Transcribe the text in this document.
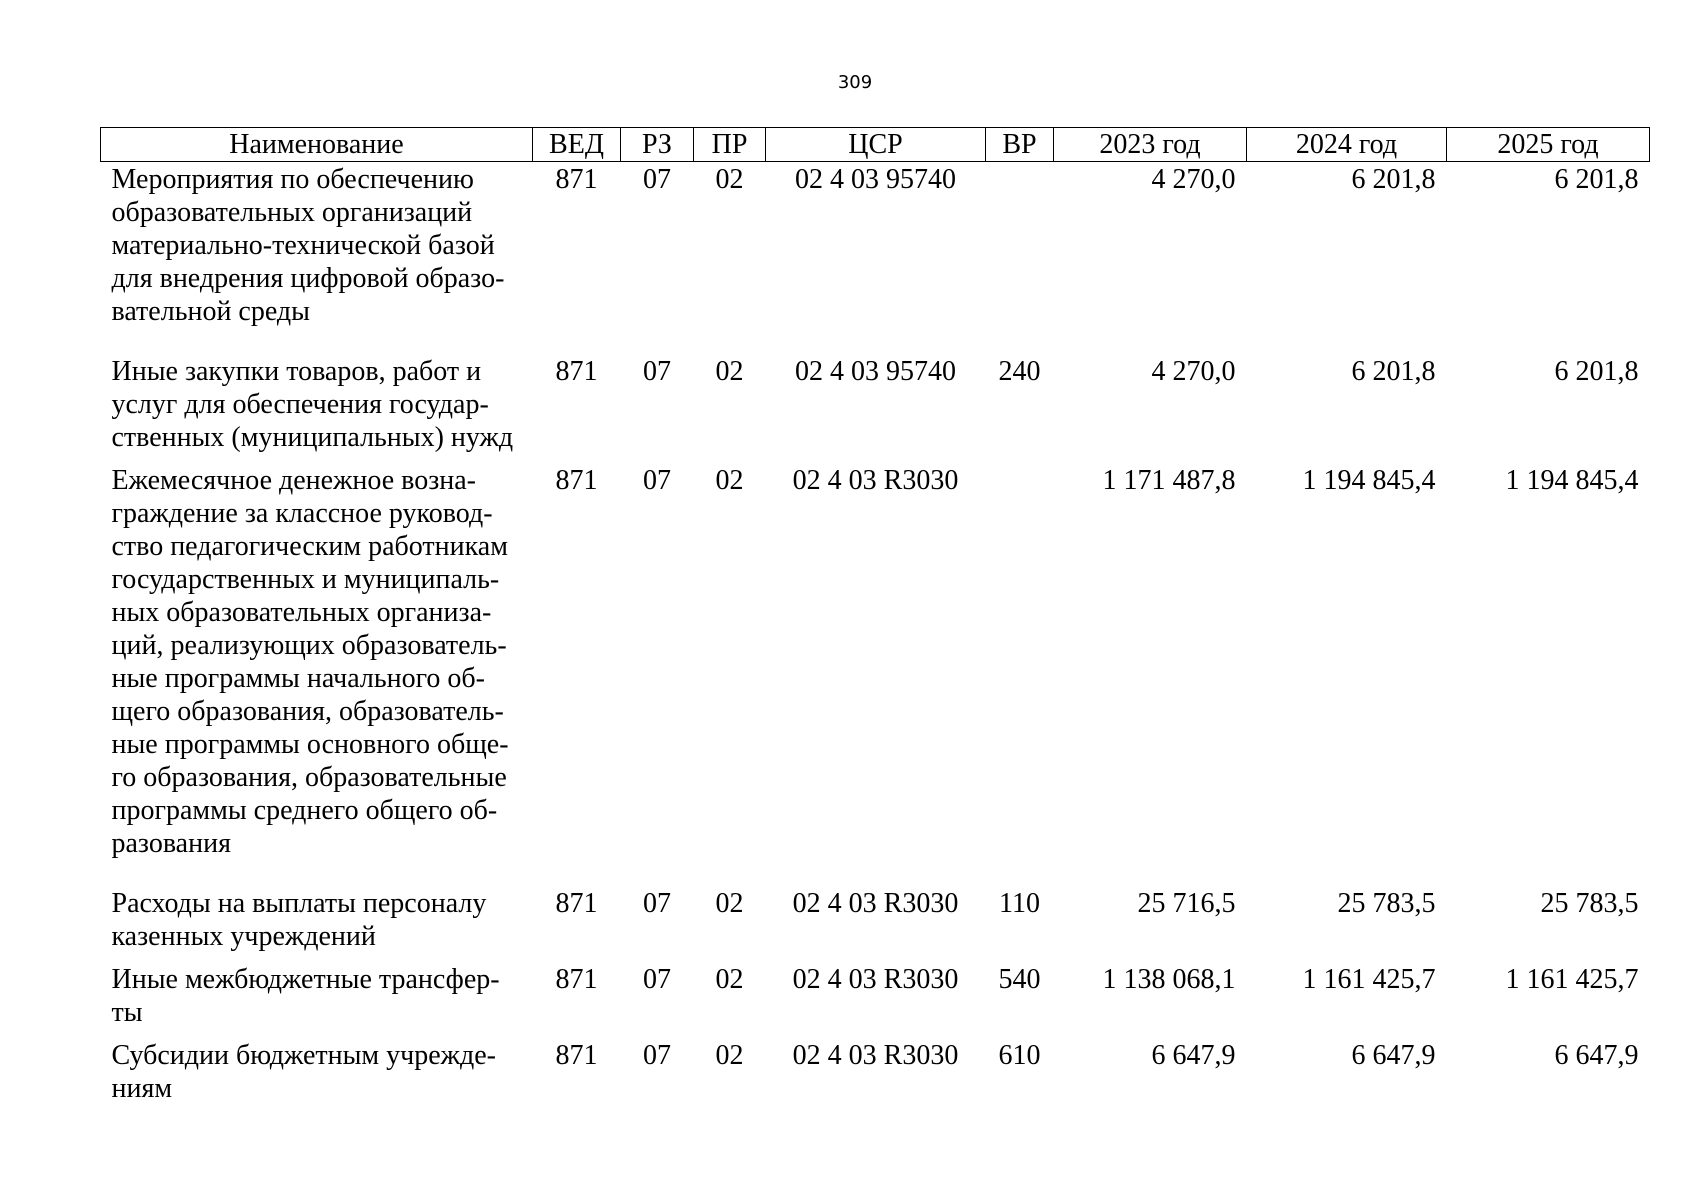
309
Наименование	ВЕД	РЗ	ПР	ЦСР	ВР	2023 год	2024 год	2025 год
Мероприятия по обеспечению образовательных организаций материально-технической базой для внедрения цифровой образо-вательной среды	871	07	02	02 4 03 95740		4 270,0	6 201,8	6 201,8
Иные закупки товаров, работ и услуг для обеспечения государ-ственных (муниципальных) нужд	871	07	02	02 4 03 95740	240	4 270,0	6 201,8	6 201,8
Ежемесячное денежное возна-граждение за классное руковод-ство педагогическим работникам государственных и муниципаль-ных образовательных организа-ций, реализующих образователь-ные программы начального об-щего образования, образователь-ные программы основного обще-го образования, образовательные программы среднего общего об-разования	871	07	02	02 4 03 R3030		1 171 487,8	1 194 845,4	1 194 845,4
Расходы на выплаты персоналу казенных учреждений	871	07	02	02 4 03 R3030	110	25 716,5	25 783,5	25 783,5
Иные межбюджетные трансфер-ты	871	07	02	02 4 03 R3030	540	1 138 068,1	1 161 425,7	1 161 425,7
Субсидии бюджетным учрежде-ниям	871	07	02	02 4 03 R3030	610	6 647,9	6 647,9	6 647,9
